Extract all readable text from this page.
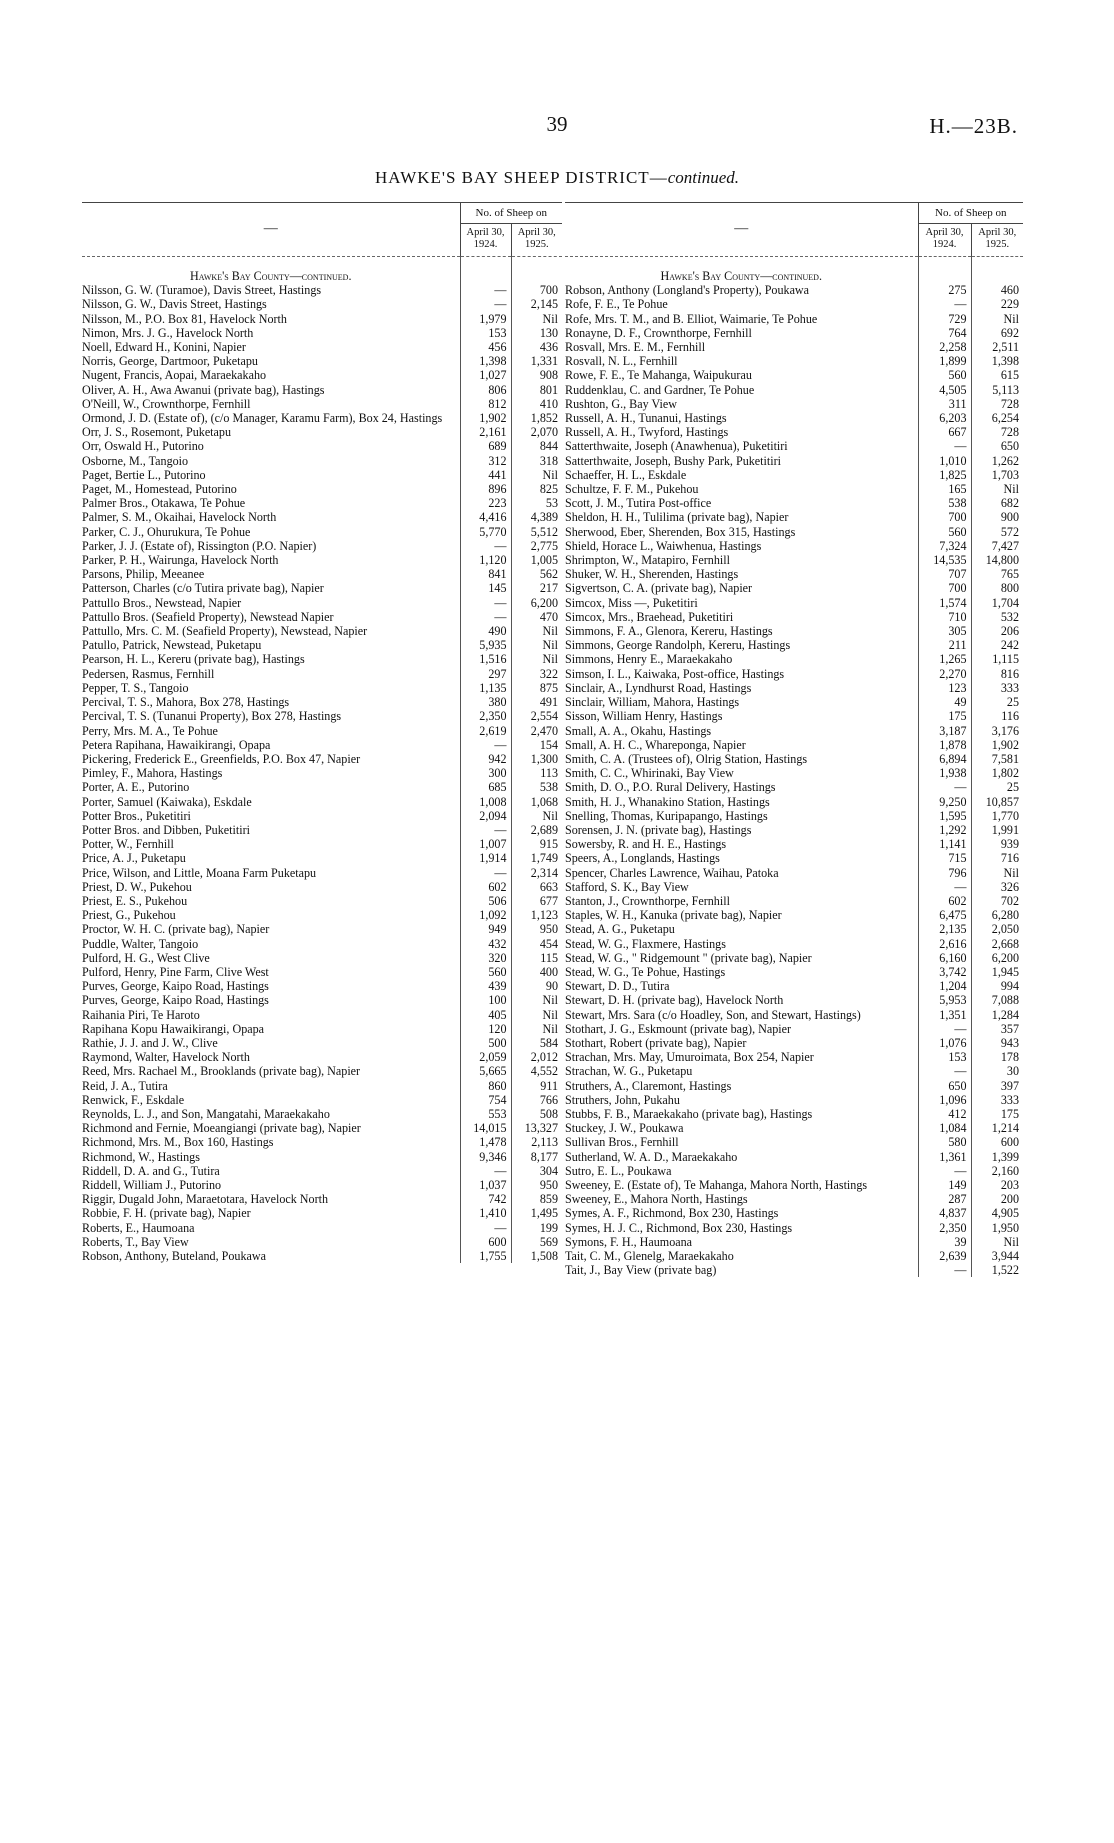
39	H.—23B.
HAWKE'S BAY SHEEP DISTRICT—continued.
—	No. of Sheep on	
	April 30, 1924.	April 30, 1925.

Hawke's Bay County—continued.		
Nilsson, G. W. (Turamoe), Davis Street, Hastings	—	700
Nilsson, G. W., Davis Street, Hastings	—	2,145
Nilsson, M., P.O. Box 81, Havelock North	1,979	Nil
Nimon, Mrs. J. G., Havelock North	153	130
Noell, Edward H., Konini, Napier	456	436
Norris, George, Dartmoor, Puketapu	1,398	1,331
Nugent, Francis, Aopai, Maraekakaho	1,027	908
Oliver, A. H., Awa Awanui (private bag), Hastings	806	801
O'Neill, W., Crownthorpe, Fernhill	812	410
Ormond, J. D. (Estate of), (c/o Manager, Karamu Farm), Box 24, Hastings	1,902	1,852
Orr, J. S., Rosemont, Puketapu	2,161	2,070
Orr, Oswald H., Putorino	689	844
Osborne, M., Tangoio	312	318
Paget, Bertie L., Putorino	441	Nil
Paget, M., Homestead, Putorino	896	825
Palmer Bros., Otakawa, Te Pohue	223	53
Palmer, S. M., Okaihai, Havelock North	4,416	4,389
Parker, C. J., Ohurukura, Te Pohue	5,770	5,512
Parker, J. J. (Estate of), Rissington (P.O. Napier)	—	2,775
Parker, P. H., Wairunga, Havelock North	1,120	1,005
Parsons, Philip, Meeanee	841	562
Patterson, Charles (c/o Tutira private bag), Napier	145	217
Pattullo Bros., Newstead, Napier	—	6,200
Pattullo Bros. (Seafield Property), Newstead Napier	—	470
Pattullo, Mrs. C. M. (Seafield Property), Newstead, Napier	490	Nil
Patullo, Patrick, Newstead, Puketapu	5,935	Nil
Pearson, H. L., Kereru (private bag), Hastings	1,516	Nil
Pedersen, Rasmus, Fernhill	297	322
Pepper, T. S., Tangoio	1,135	875
Percival, T. S., Mahora, Box 278, Hastings	380	491
Percival, T. S. (Tunanui Property), Box 278, Hastings	2,350	2,554
Perry, Mrs. M. A., Te Pohue	2,619	2,470
Petera Rapihana, Hawaikirangi, Opapa	—	154
Pickering, Frederick E., Greenfields, P.O. Box 47, Napier	942	1,300
Pimley, F., Mahora, Hastings	300	113
Porter, A. E., Putorino	685	538
Porter, Samuel (Kaiwaka), Eskdale	1,008	1,068
Potter Bros., Puketitiri	2,094	Nil
Potter Bros. and Dibben, Puketitiri	—	2,689
Potter, W., Fernhill	1,007	915
Price, A. J., Puketapu	1,914	1,749
Price, Wilson, and Little, Moana Farm Puketapu	—	2,314
Priest, D. W., Pukehou	602	663
Priest, E. S., Pukehou	506	677
Priest, G., Pukehou	1,092	1,123
Proctor, W. H. C. (private bag), Napier	949	950
Puddle, Walter, Tangoio	432	454
Pulford, H. G., West Clive	320	115
Pulford, Henry, Pine Farm, Clive West	560	400
Purves, George, Kaipo Road, Hastings	439	90
Purves, George, Kaipo Road, Hastings	100	Nil
Raihania Piri, Te Haroto	405	Nil
Rapihana Kopu Hawaikirangi, Opapa	120	Nil
Rathie, J. J. and J. W., Clive	500	584
Raymond, Walter, Havelock North	2,059	2,012
Reed, Mrs. Rachael M., Brooklands (private bag), Napier	5,665	4,552
Reid, J. A., Tutira	860	911
Renwick, F., Eskdale	754	766
Reynolds, L. J., and Son, Mangatahi, Maraekakaho	553	508
Richmond and Fernie, Moeangiangi (private bag), Napier	14,015	13,327
Richmond, Mrs. M., Box 160, Hastings	1,478	2,113
Richmond, W., Hastings	9,346	8,177
Riddell, D. A. and G., Tutira	—	304
Riddell, William J., Putorino	1,037	950
Riggir, Dugald John, Maraetotara, Havelock North	742	859
Robbie, F. H. (private bag), Napier	1,410	1,495
Roberts, E., Haumoana	—	199
Roberts, T., Bay View	600	569
Robson, Anthony, Buteland, Poukawa	1,755	1,508
—	No. of Sheep on	
	April 30, 1924.	April 30, 1925.

Hawke's Bay County—continued.		
Robson, Anthony (Longland's Property), Poukawa	275	460
Rofe, F. E., Te Pohue	—	229
Rofe, Mrs. T. M., and B. Elliot, Waimarie, Te Pohue	729	Nil
Ronayne, D. F., Crownthorpe, Fernhill	764	692
Rosvall, Mrs. E. M., Fernhill	2,258	2,511
Rosvall, N. L., Fernhill	1,899	1,398
Rowe, F. E., Te Mahanga, Waipukurau	560	615
Ruddenklau, C. and Gardner, Te Pohue	4,505	5,113
Rushton, G., Bay View	311	728
Russell, A. H., Tunanui, Hastings	6,203	6,254
Russell, A. H., Twyford, Hastings	667	728
Satterthwaite, Joseph (Anawhenua), Puketitiri	—	650
Satterthwaite, Joseph, Bushy Park, Puketitiri	1,010	1,262
Schaeffer, H. L., Eskdale	1,825	1,703
Schultze, F. F. M., Pukehou	165	Nil
Scott, J. M., Tutira Post-office	538	682
Sheldon, H. H., Tulilima (private bag), Napier	700	900
Sherwood, Eber, Sherenden, Box 315, Hastings	560	572
Shield, Horace L., Waiwhenua, Hastings	7,324	7,427
Shrimpton, W., Matapiro, Fernhill	14,535	14,800
Shuker, W. H., Sherenden, Hastings	707	765
Sigvertson, C. A. (private bag), Napier	700	800
Simcox, Miss —, Puketitiri	1,574	1,704
Simcox, Mrs., Braehead, Puketitiri	710	532
Simmons, F. A., Glenora, Kereru, Hastings	305	206
Simmons, George Randolph, Kereru, Hastings	211	242
Simmons, Henry E., Maraekakaho	1,265	1,115
Simson, I. L., Kaiwaka, Post-office, Hastings	2,270	816
Sinclair, A., Lyndhurst Road, Hastings	123	333
Sinclair, William, Mahora, Hastings	49	25
Sisson, William Henry, Hastings	175	116
Small, A. A., Okahu, Hastings	3,187	3,176
Small, A. H. C., Whareponga, Napier	1,878	1,902
Smith, C. A. (Trustees of), Olrig Station, Hastings	6,894	7,581
Smith, C. C., Whirinaki, Bay View	1,938	1,802
Smith, D. O., P.O. Rural Delivery, Hastings	—	25
Smith, H. J., Whanakino Station, Hastings	9,250	10,857
Snelling, Thomas, Kuripapango, Hastings	1,595	1,770
Sorensen, J. N. (private bag), Hastings	1,292	1,991
Sowersby, R. and H. E., Hastings	1,141	939
Speers, A., Longlands, Hastings	715	716
Spencer, Charles Lawrence, Waihau, Patoka	796	Nil
Stafford, S. K., Bay View	—	326
Stanton, J., Crownthorpe, Fernhill	602	702
Staples, W. H., Kanuka (private bag), Napier	6,475	6,280
Stead, A. G., Puketapu	2,135	2,050
Stead, W. G., Flaxmere, Hastings	2,616	2,668
Stead, W. G., " Ridgemount " (private bag), Napier	6,160	6,200
Stead, W. G., Te Pohue, Hastings	3,742	1,945
Stewart, D. D., Tutira	1,204	994
Stewart, D. H. (private bag), Havelock North	5,953	7,088
Stewart, Mrs. Sara (c/o Hoadley, Son, and Stewart, Hastings)	1,351	1,284
Stothart, J. G., Eskmount (private bag), Napier	—	357
Stothart, Robert (private bag), Napier	1,076	943
Strachan, Mrs. May, Umuroimata, Box 254, Napier	153	178
Strachan, W. G., Puketapu	—	30
Struthers, A., Claremont, Hastings	650	397
Struthers, John, Pukahu	1,096	333
Stubbs, F. B., Maraekakaho (private bag), Hastings	412	175
Stuckey, J. W., Poukawa	1,084	1,214
Sullivan Bros., Fernhill	580	600
Sutherland, W. A. D., Maraekakaho	1,361	1,399
Sutro, E. L., Poukawa	—	2,160
Sweeney, E. (Estate of), Te Mahanga, Mahora North, Hastings	149	203
Sweeney, E., Mahora North, Hastings	287	200
Symes, A. F., Richmond, Box 230, Hastings	4,837	4,905
Symes, H. J. C., Richmond, Box 230, Hastings	2,350	1,950
Symons, F. H., Haumoana	39	Nil
Tait, C. M., Glenelg, Maraekakaho	2,639	3,944
Tait, J., Bay View (private bag)	—	1,522
